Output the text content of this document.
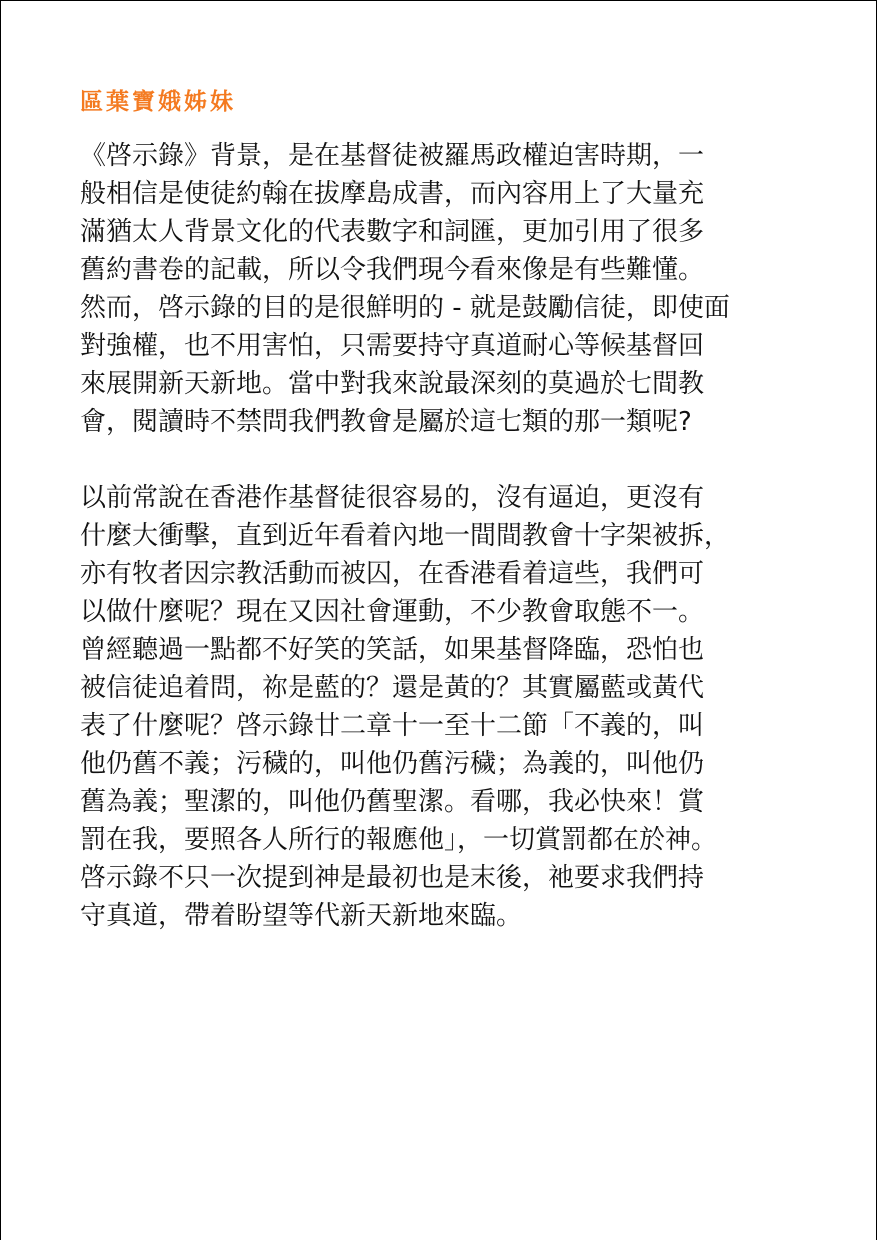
區葉寶娥姊妹
《啓示錄》背景，是在基督徒被羅馬政權迫害時期，一
般相信是使徒約翰在拔摩島成書，而內容用上了大量充
滿猶太人背景文化的代表數字和詞匯，更加引用了很多
舊約書卷的記載，所以令我們現今看來像是有些難懂。
然而，啓示錄的目的是很鮮明的 - 就是鼓勵信徒，即使面
對強權，也不用害怕，只需要持守真道耐心等候基督回
來展開新天新地。當中對我來說最深刻的莫過於七間教
會，閱讀時不禁問我們教會是屬於這七類的那一類呢?
以前常說在香港作基督徒很容易的，沒有逼迫，更沒有
什麼大衝擊，直到近年看着內地一間間教會十字架被拆，
亦有牧者因宗教活動而被囚，在香港看着這些，我們可
以做什麼呢？現在又因社會運動，不少教會取態不一。
曾經聽過一點都不好笑的笑話，如果基督降臨，恐怕也
被信徒追着問，祢是藍的？還是黃的？其實屬藍或黃代
表了什麼呢？啓示錄廿二章十一至十二節「不義的，叫
他仍舊不義；污穢的，叫他仍舊污穢；為義的，叫他仍
舊為義；聖潔的，叫他仍舊聖潔。看哪，我必快來！賞
罰在我，要照各人所行的報應他」，一切賞罰都在於神。
啓示錄不只一次提到神是最初也是末後，祂要求我們持
守真道，帶着盼望等代新天新地來臨。
